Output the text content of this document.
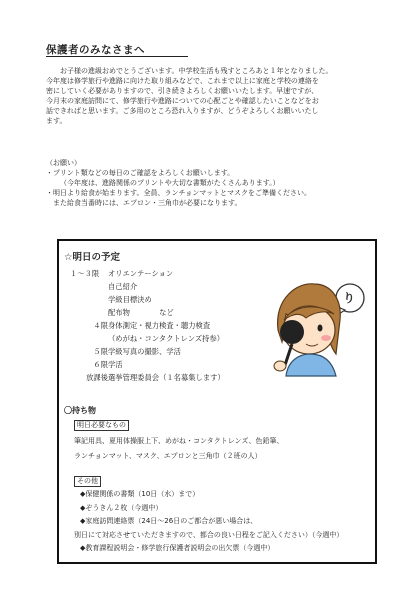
保護者のみなさまへ
お子様の進級おめでとうございます。中学校生活も残すところあと１年となりました。
今年度は修学旅行や進路に向けた取り組みなどで、これまで以上に家庭と学校の連絡を
密にしていく必要がありますので、引き続きよろしくお願いいたします。早速ですが、
今月末の家庭訪問にて、修学旅行や進路についての心配ごとや確認したいことなどをお
話できればと思います。ご多用のところ恐れ入りますが、どうぞよろしくお願いいたし
ます。
（お願い）
・プリント類などの毎日のご確認をよろしくお願いします。
（今年度は、進路関係のプリントや大切な書類がたくさんあります。）
・明日より給食が始まります。全員、ランチョンマットとマスクをご準備ください。
また給食当番時には、エプロン・三角巾が必要になります。
☆明日の予定
１～３限 オリエンテーション
自己紹介
学級目標決め
配布物　　　　など
４限身体測定・視力検査・聴力検査
（めがね・コンタクトレンズ持参）
５限学級写真の撮影、学活
６限学活
放課後選挙管理委員会（１名募集します）
り
〇持ち物
明日必要なもの
筆記用具、夏用体操服上下、めがね・コンタクトレンズ、色鉛筆、
ランチョンマット、マスク、エプロンと三角巾（２班の人）
その他
◆保健関係の書類（10日（水）まで）
◆ぞうきん２枚（今週中）
◆家庭訪問連絡票（24日～26日のご都合が悪い場合は、
別日にて対応させていただきますので、都合の良い日程をご記入ください）（今週中）
◆教育課程説明会・修学旅行保護者説明会の出欠票（今週中）
